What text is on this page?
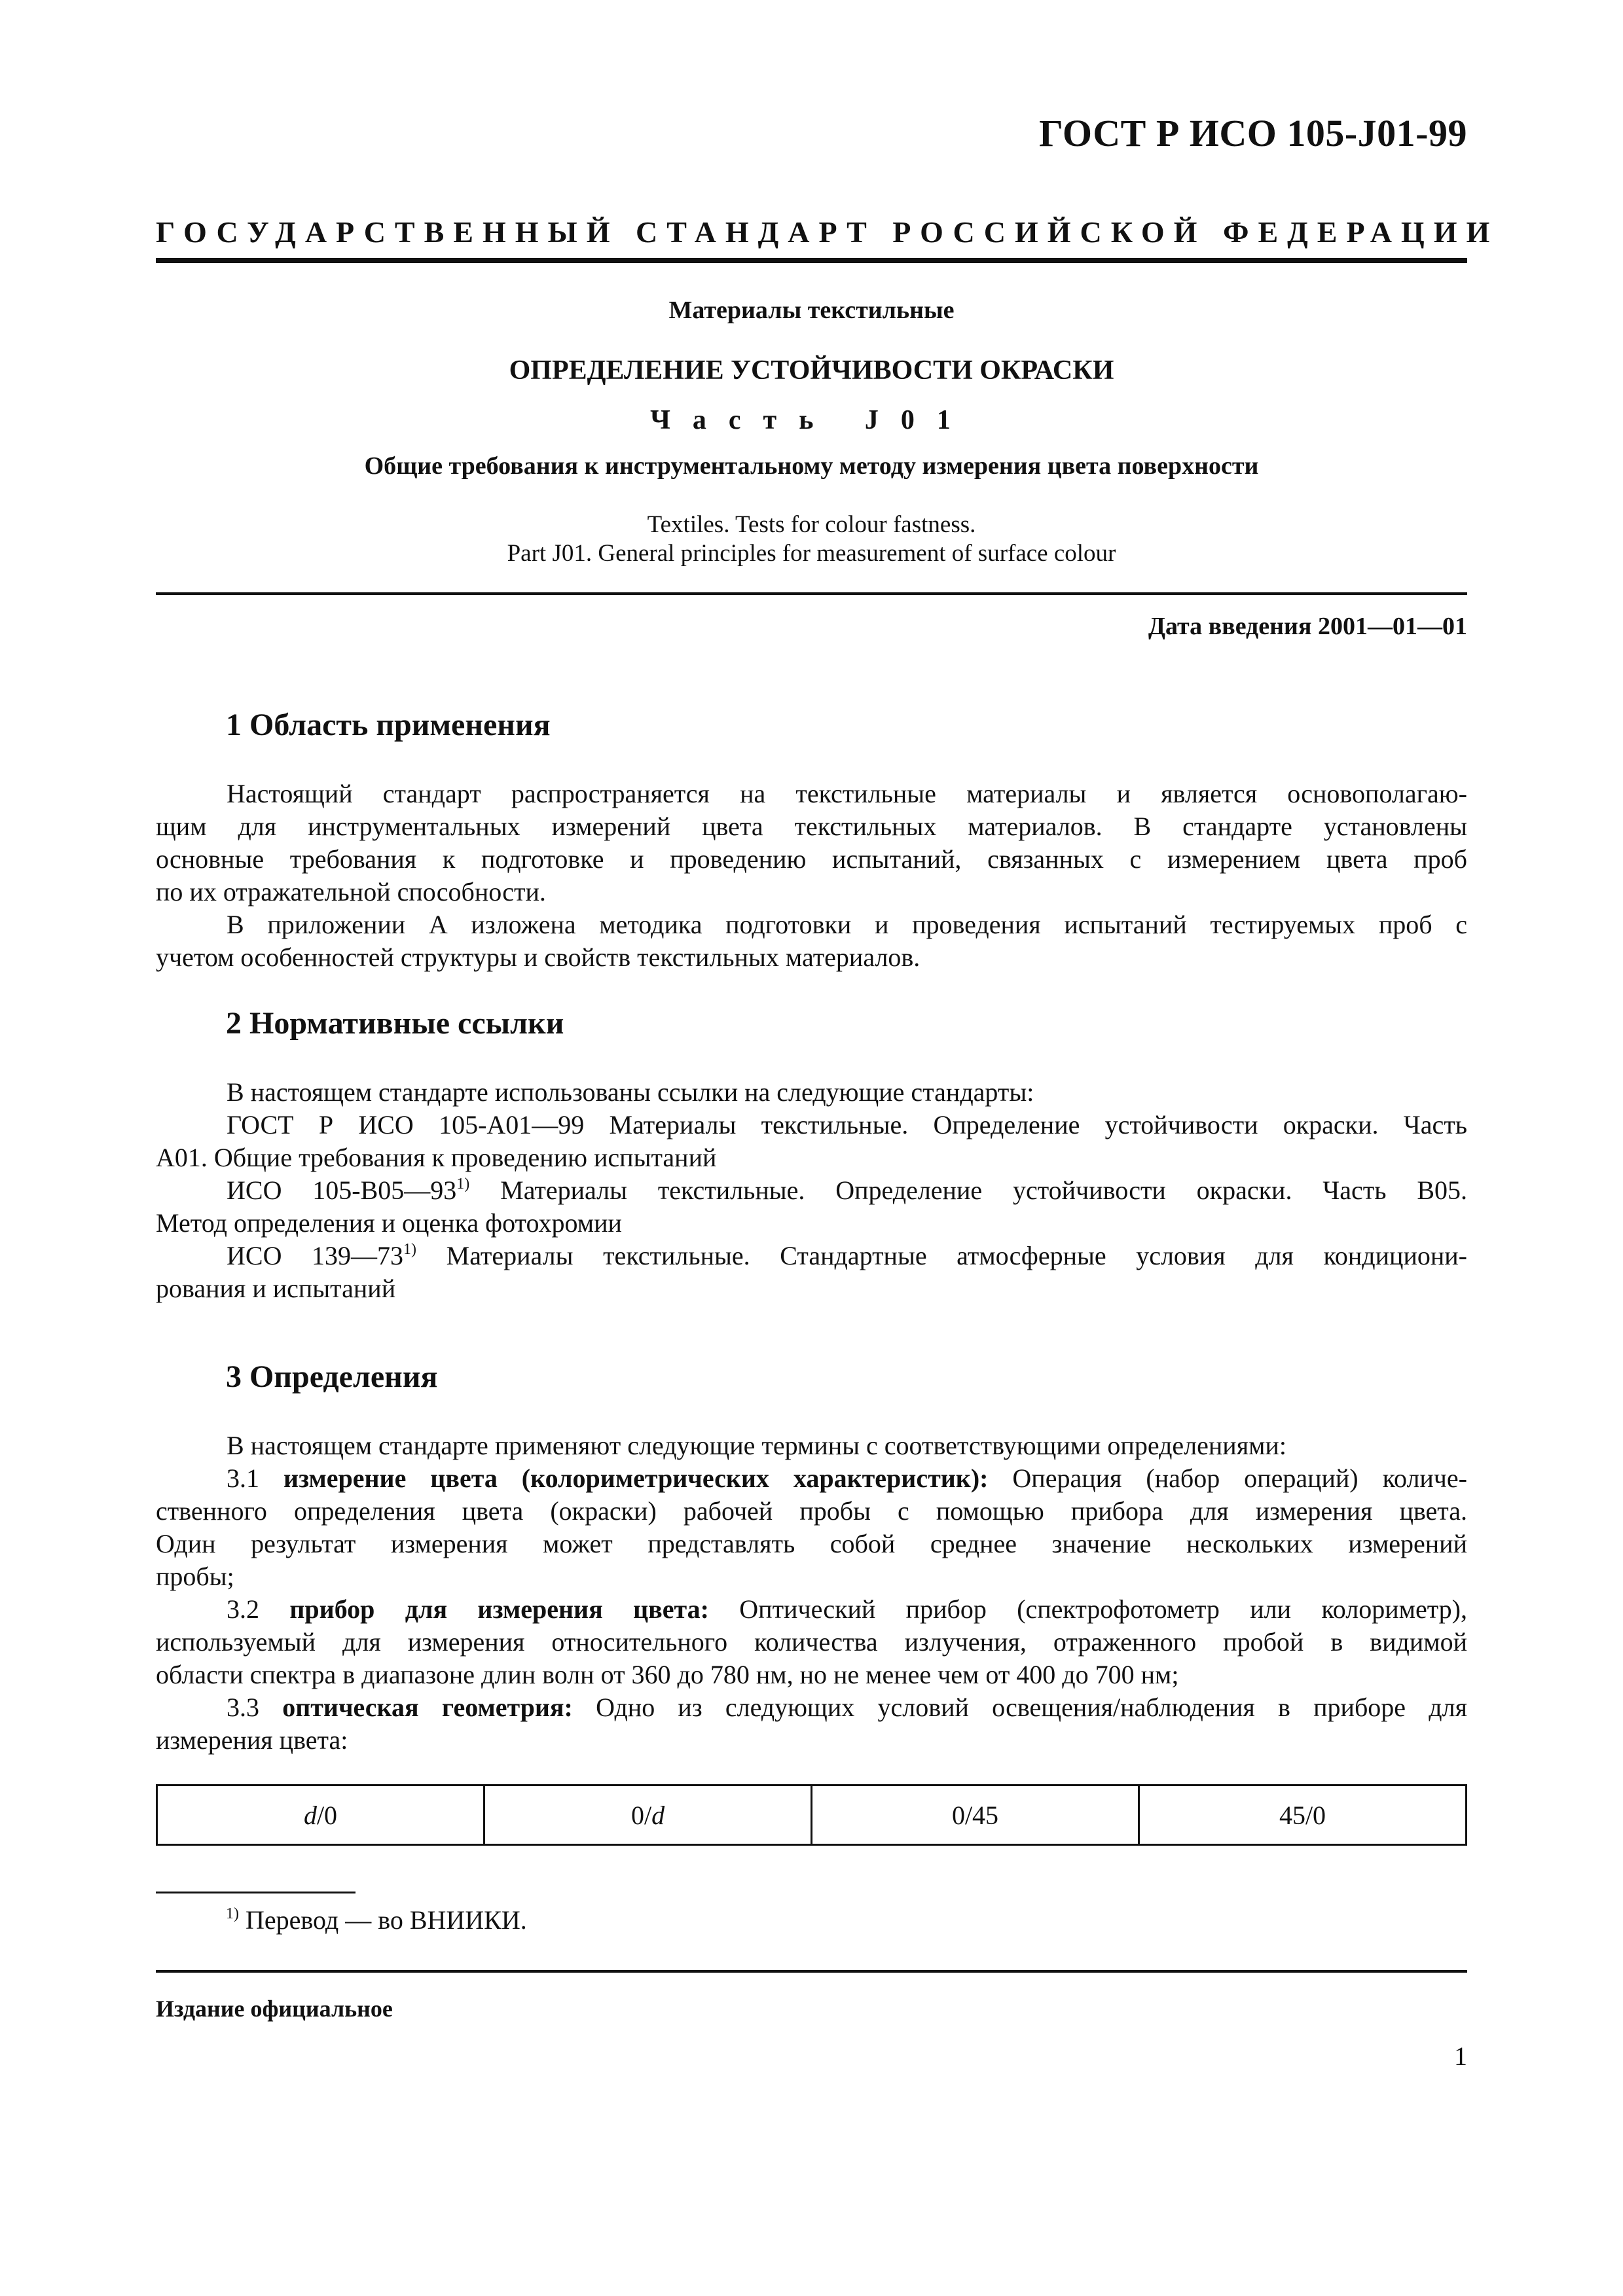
ГОСТ Р ИСО 105-J01-99
ГОСУДАРСТВЕННЫЙ СТАНДАРТ РОССИЙСКОЙ ФЕДЕРАЦИИ
Материалы текстильные
ОПРЕДЕЛЕНИЕ УСТОЙЧИВОСТИ ОКРАСКИ
Часть J01
Общие требования к инструментальному методу измерения цвета поверхности
Textiles. Tests for colour fastness.
Part J01. General principles for measurement of surface colour
Дата введения 2001—01—01
1 Область применения
Настоящий стандарт распространяется на текстильные материалы и является основополагаю-
щим для инструментальных измерений цвета текстильных материалов. В стандарте установлены
основные требования к подготовке и проведению испытаний, связанных с измерением цвета проб
по их отражательной способности.
В приложении А изложена методика подготовки и проведения испытаний тестируемых проб с
учетом особенностей структуры и свойств текстильных материалов.
2 Нормативные ссылки
В настоящем стандарте использованы ссылки на следующие стандарты:
ГОСТ Р ИСО 105-А01—99 Материалы текстильные. Определение устойчивости окраски. Часть
А01. Общие требования к проведению испытаний
ИСО 105-В05—93$^{1)}$ Материалы текстильные. Определение устойчивости окраски. Часть В05.
Метод определения и оценка фотохромии
ИСО 139—73$^{1)}$ Материалы текстильные. Стандартные атмосферные условия для кондициони-
рования и испытаний
3 Определения
В настоящем стандарте применяют следующие термины с соответствующими определениями:
3.1 измерение цвета (колориметрических характеристик): Операция (набор операций) количе-
ственного определения цвета (окраски) рабочей пробы с помощью прибора для измерения цвета.
Один результат измерения может представлять собой среднее значение нескольких измерений
пробы;
3.2 прибор для измерения цвета: Оптический прибор (спектрофотометр или колориметр),
используемый для измерения относительного количества излучения, отраженного пробой в видимой
области спектра в диапазоне длин волн от 360 до 780 нм, но не менее чем от 400 до 700 нм;
3.3 оптическая геометрия: Одно из следующих условий освещения/наблюдения в приборе для
измерения цвета:
d/0	0/d	0/45	45/0
$^{1)}$ Перевод — во ВНИИКИ.
Издание официальное
1
